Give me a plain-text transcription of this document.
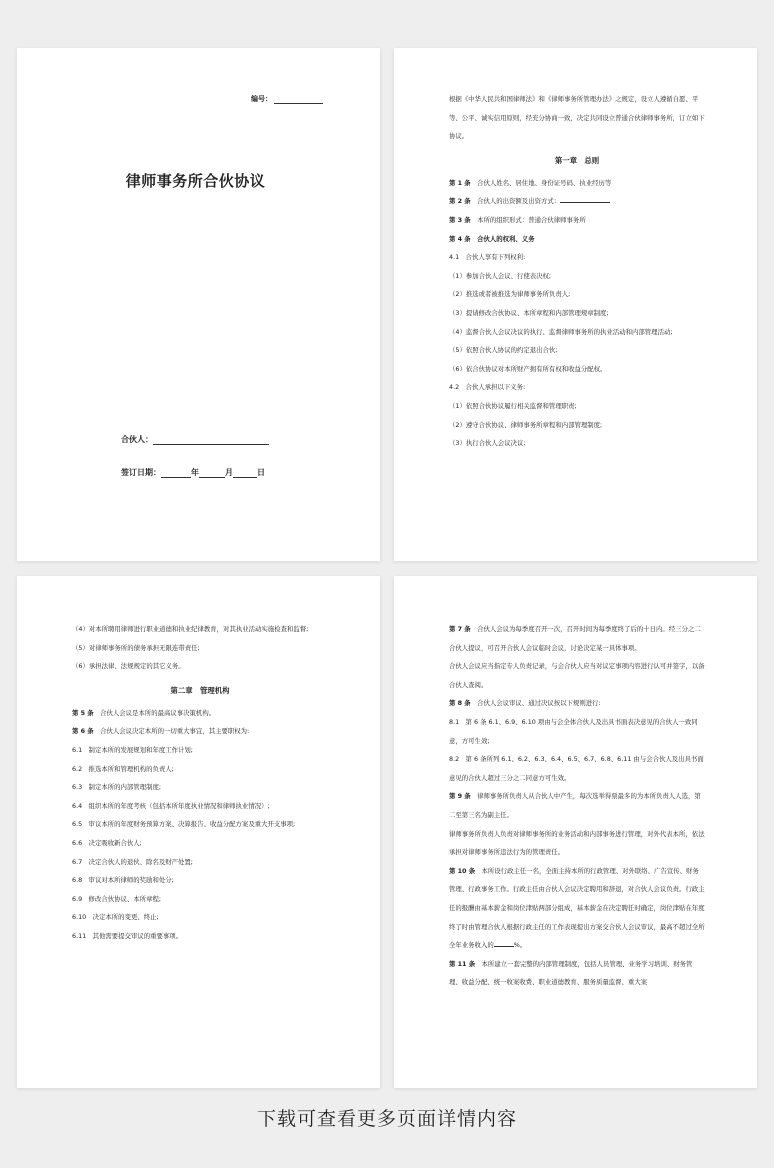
编号：
律师事务所合伙协议
合伙人：
签订日期：	年	月	日

根据《中华人民共和国律师法》和《律师事务所管理办法》之规定，设立人遵循自愿、平等、公平、诚实信用原则，经充分协商一致，决定共同设立普通合伙律师事务所，订立如下协议。

第一章　总则

第 1 条　 合伙人姓名、居住地、身份证号码、执业经历等

第 2 条　 合伙人的出资额及出资方式：

第 3 条　 本所的组织形式：普通合伙律师事务所

第 4 条　 合伙人的权利、义务

4.1　合伙人享有下列权利:

（1）参加合伙人会议、行使表决权;

（2）推选或者被推选为律师事务所负责人;

（3）提请修改合伙协议、本所章程和内部管理规章制度;

（4）监督合伙人会议决议的执行、监督律师事务所的执业活动和内部管理活动;

（5）依照合伙人协议的约定退出合伙;

（6）依合伙协议对本所财产拥有所有权和收益分配权。

4.2　合伙人承担以下义务:

（1）依照合伙协议履行相关监督和管理职责;

（2）遵守合伙协议、律师事务所章程和内部管理制度;

（3）执行合伙人会议决议;

（4）对本所聘用律师进行职业道德和执业纪律教育，对其执业活动实施检查和监督;

（5）对律师事务所的债务承担无限连带责任;

（6）承担法律、法规规定的其它义务。

第二章　管理机构

第 5 条　 合伙人会议是本所的最高议事决策机构。

第 6 条　 合伙人会议决定本所的一切重大事宜，其主要职权为:

6.1　制定本所的发展规划和年度工作计划;

6.2　推选本所和管理机构的负责人;

6.3　制定本所的内部管理制度;

6.4　组织本所的年度考核（包括本所年度执业情况和律师执业情况）;

6.5　审议本所的年度财务预算方案、决算报告、收益分配方案及重大开支事项;

6.6　决定吸收新合伙人;

6.7　决定合伙人的退伙、除名及财产处置;

6.8　审议对本所律师的奖励和处分;

6.9　修改合伙协议、本所章程;

6.10　决定本所的变更、终止;

6.11　其他需要提交审议的重要事项。

第 7 条　 合伙人会议为每季度召开一次，召开时间为每季度终了后的十日内。经三分之二合伙人提议，可召开合伙人会议临时会议，讨论决定某一具体事项。

合伙人会议应当指定专人负责记录，与会合伙人应当对议定事项内容进行认可并签字，以备合伙人查阅。

第 8 条　 合伙人会议审议、通过决议按以下规则进行:

8.1　第 6 条 6.1、6.9、6.10 项由与会全体合伙人及出具书面表决意见的合伙人一致同意，方可生效;

8.2　第 6 条所列 6.1、6.2、6.3、6.4、6.5、6.7、6.8、6.11 由与会合伙人及出具书面意见的合伙人超过三分之二同意方可生效。

第 9 条　 律师事务所负责人从合伙人中产生，每次选举得票最多的为本所负责人人选，第二至第三名为副主任。

律师事务所负责人负责对律师事务所的业务活动和内部事务进行管理，对外代表本所，依法承担对律师事务所违法行为的管理责任。

第 10 条　 本所设行政主任一名，全面主持本所的行政管理、对外联络、广告宣传、财务管理、行政事务工作。行政主任由合伙人会议决定聘用和辞退，对合伙人会议负责。行政主任的报酬由基本薪金和岗位津贴两部分组成，基本薪金在决定聘任时确定，岗位津贴在年度终了时由管理合伙人根据行政主任的工作表现提出方案交合伙人会议审议，最高不超过全所全年业务收入的	%。

第 11 条　 本所建立一套完整的内部管理制度，包括人员管理、业务学习培训、财务管理、收益分配、统一收案收费、职业道德教育、服务质量监督、重大案

下载可查看更多页面详情内容
